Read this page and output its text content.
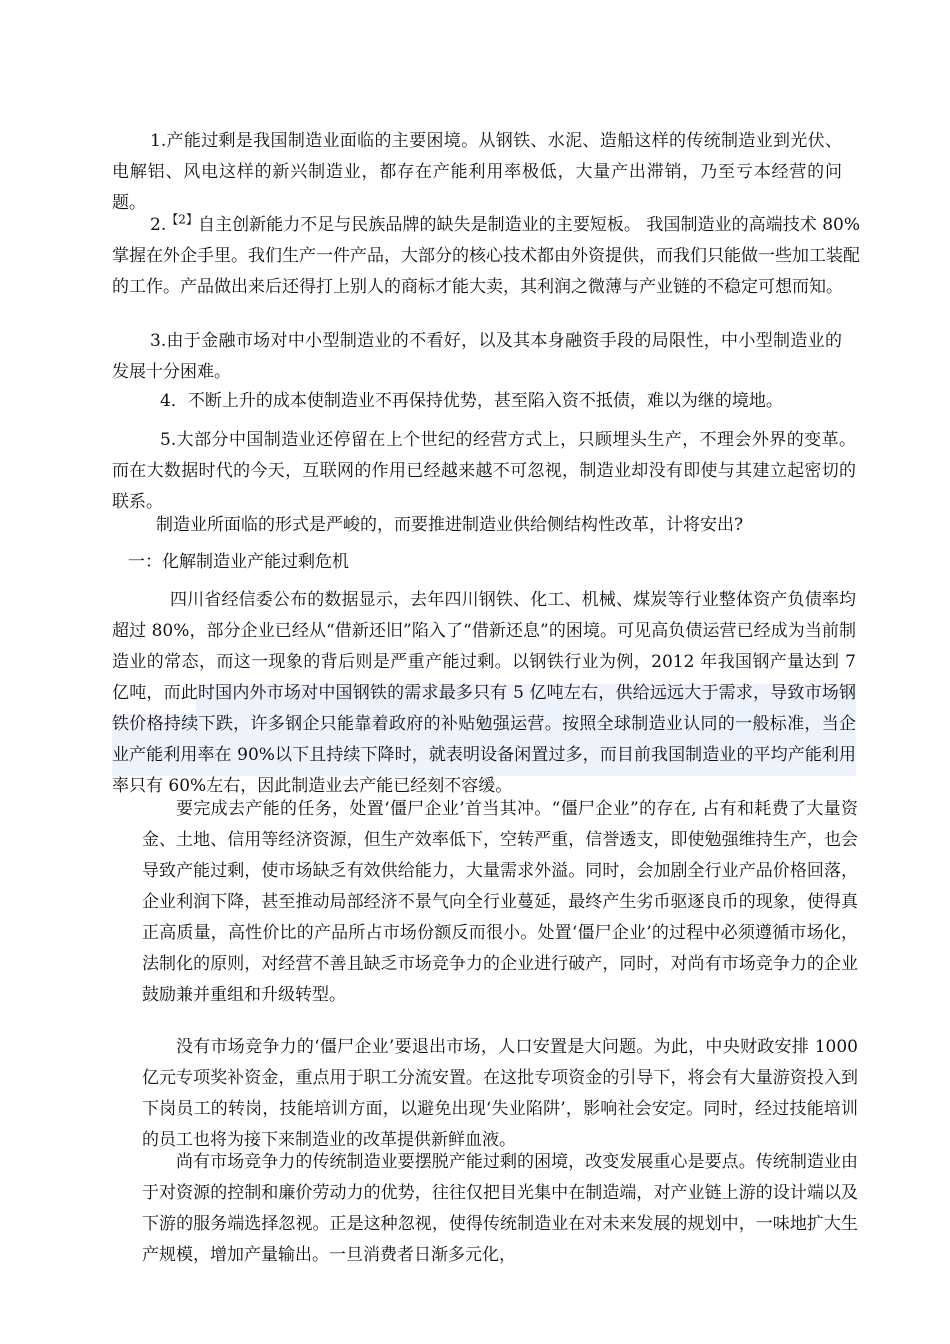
1.产能过剩是我国制造业面临的主要困境。从钢铁、水泥、造船这样的传统制造业到光伏、电解铝、风电这样的新兴制造业，都存在产能利用率极低，大量产出滞销，乃至亏本经营的问题。

2.$^{【2】}$自主创新能力不足与民族品牌的缺失是制造业的主要短板。 我国制造业的高端技术 80%掌握在外企手里。我们生产一件产品，大部分的核心技术都由外资提供，而我们只能做一些加工装配的工作。产品做出来后还得打上别人的商标才能大卖，其利润之微薄与产业链的不稳定可想而知。

3.由于金融市场对中小型制造业的不看好，以及其本身融资手段的局限性，中小型制造业的发展十分困难。

4．不断上升的成本使制造业不再保持优势，甚至陷入资不抵债，难以为继的境地。

5.大部分中国制造业还停留在上个世纪的经营方式上，只顾埋头生产，不理会外界的变革。而在大数据时代的今天，互联网的作用已经越来越不可忽视，制造业却没有即使与其建立起密切的联系。

制造业所面临的形式是严峻的，而要推进制造业供给侧结构性改革，计将安出?

一：化解制造业产能过剩危机

四川省经信委公布的数据显示，去年四川钢铁、化工、机械、煤炭等行业整体资产负债率均超过 80%，部分企业已经从“借新还旧”陷入了“借新还息”的困境。可见高负债运营已经成为当前制造业的常态，而这一现象的背后则是严重产能过剩。以钢铁行业为例，2012 年我国钢产量达到 7 亿吨，而此时国内外市场对中国钢铁的需求最多只有 5 亿吨左右，供给远远大于需求，导致市场钢铁价格持续下跌，许多钢企只能靠着政府的补贴勉强运营。按照全球制造业认同的一般标准，当企业产能利用率在 90%以下且持续下降时，就表明设备闲置过多，而目前我国制造业的平均产能利用率只有 60%左右，因此制造业去产能已经刻不容缓。

要完成去产能的任务，处置‘僵尸企业’首当其冲。“僵尸企业”的存在, 占有和耗费了大量资金、土地、信用等经济资源，但生产效率低下，空转严重，信誉透支，即使勉强维持生产，也会导致产能过剩，使市场缺乏有效供给能力，大量需求外溢。同时，会加剧全行业产品价格回落，企业利润下降，甚至推动局部经济不景气向全行业蔓延，最终产生劣币驱逐良币的现象，使得真正高质量，高性价比的产品所占市场份额反而很小。处置‘僵尸企业’的过程中必须遵循市场化，法制化的原则，对经营不善且缺乏市场竞争力的企业进行破产，同时，对尚有市场竞争力的企业鼓励兼并重组和升级转型。

没有市场竞争力的‘僵尸企业’要退出市场，人口安置是大问题。为此，中央财政安排 1000 亿元专项奖补资金，重点用于职工分流安置。在这批专项资金的引导下，将会有大量游资投入到下岗员工的转岗，技能培训方面，以避免出现‘失业陷阱’，影响社会安定。同时，经过技能培训的员工也将为接下来制造业的改革提供新鲜血液。

尚有市场竞争力的传统制造业要摆脱产能过剩的困境，改变发展重心是要点。传统制造业由于对资源的控制和廉价劳动力的优势，往往仅把目光集中在制造端，对产业链上游的设计端以及下游的服务端选择忽视。正是这种忽视，使得传统制造业在对未来发展的规划中，一味地扩大生产规模，增加产量输出。一旦消费者日渐多元化，
